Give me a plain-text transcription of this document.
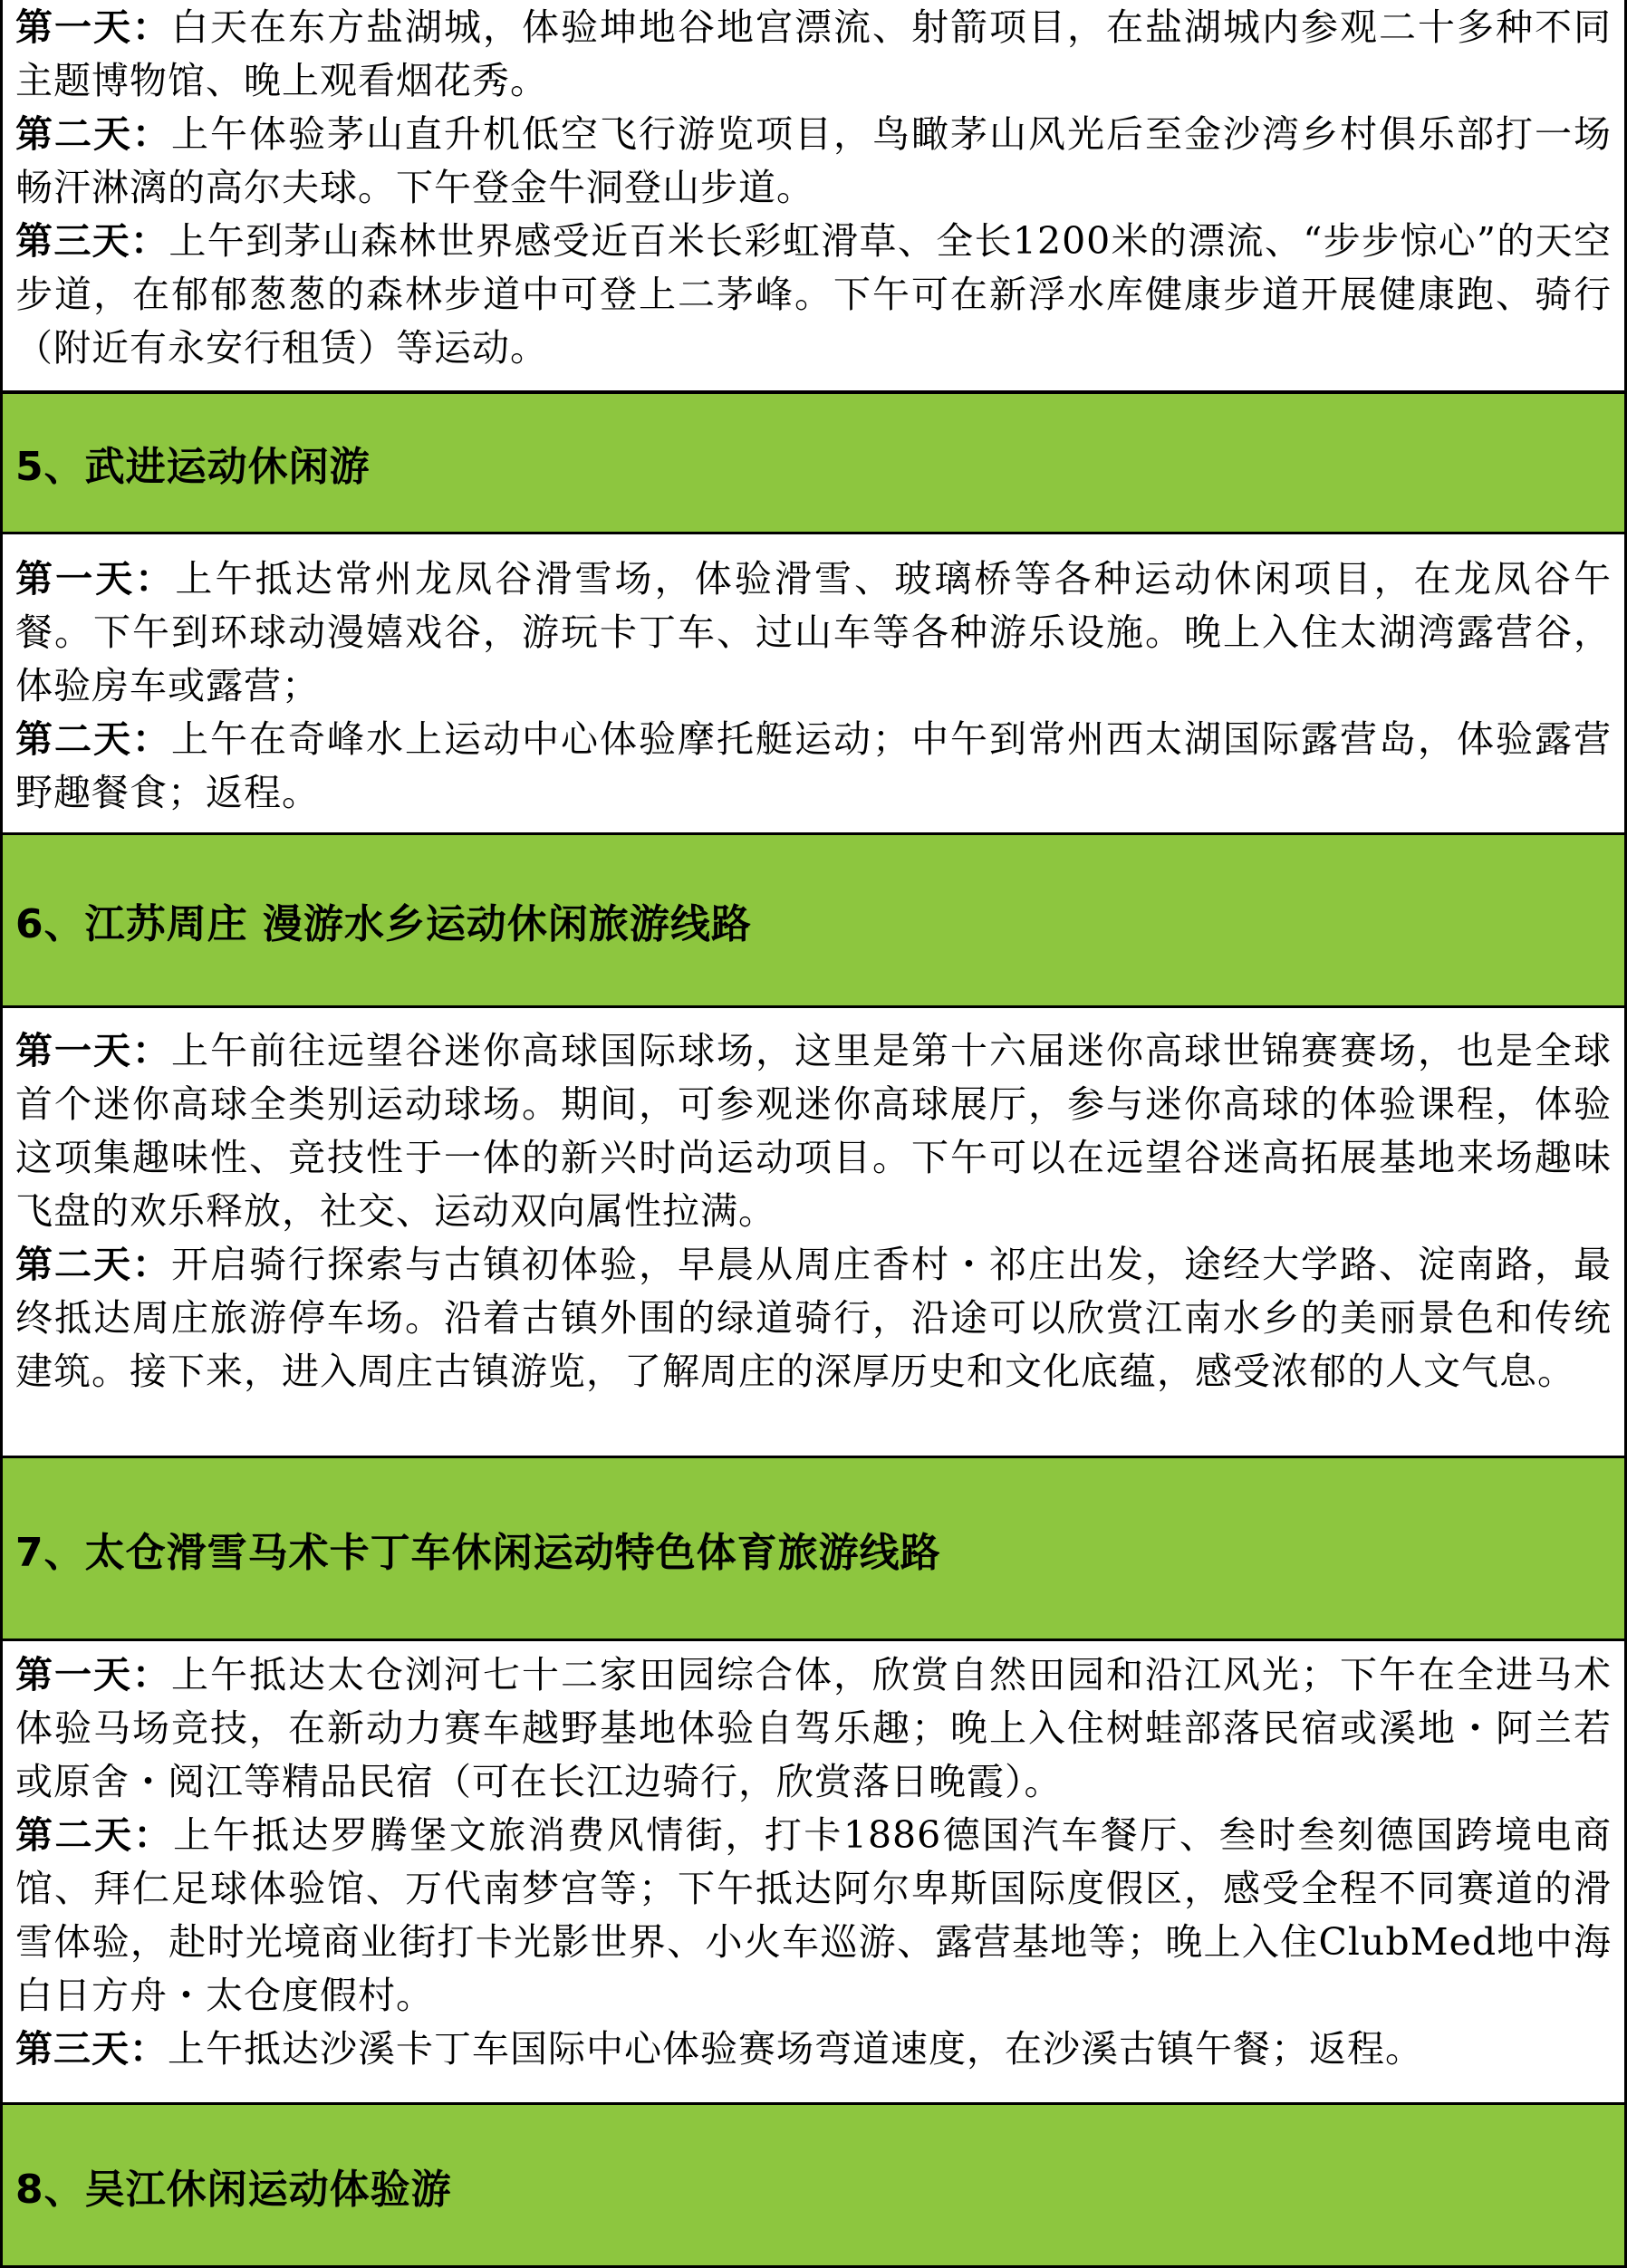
第一天：白天在东方盐湖城，体验坤地谷地宫漂流、射箭项目，在盐湖城内参观二十多种不同主题博物馆、晚上观看烟花秀。

第二天：上午体验茅山直升机低空飞行游览项目，鸟瞰茅山风光后至金沙湾乡村俱乐部打一场畅汗淋漓的高尔夫球。下午登金牛洞登山步道。

第三天：上午到茅山森林世界感受近百米长彩虹滑草、全长1200米的漂流、“步步惊心”的天空步道，在郁郁葱葱的森林步道中可登上二茅峰。下午可在新浮水库健康步道开展健康跑、骑行（附近有永安行租赁）等运动。

5、武进运动休闲游

第一天：上午抵达常州龙凤谷滑雪场，体验滑雪、玻璃桥等各种运动休闲项目，在龙凤谷午餐。下午到环球动漫嬉戏谷，游玩卡丁车、过山车等各种游乐设施。晚上入住太湖湾露营谷，体验房车或露营；

第二天：上午在奇峰水上运动中心体验摩托艇运动；中午到常州西太湖国际露营岛，体验露营野趣餐食；返程。

6、江苏周庄 漫游水乡运动休闲旅游线路

第一天：上午前往远望谷迷你高球国际球场，这里是第十六届迷你高球世锦赛赛场，也是全球首个迷你高球全类别运动球场。期间，可参观迷你高球展厅，参与迷你高球的体验课程，体验这项集趣味性、竞技性于一体的新兴时尚运动项目。下午可以在远望谷迷高拓展基地来场趣味飞盘的欢乐释放，社交、运动双向属性拉满。

第二天：开启骑行探索与古镇初体验，早晨从周庄香村・祁庄出发，途经大学路、淀南路，最终抵达周庄旅游停车场。沿着古镇外围的绿道骑行，沿途可以欣赏江南水乡的美丽景色和传统建筑。接下来，进入周庄古镇游览，了解周庄的深厚历史和文化底蕴，感受浓郁的人文气息。

7、太仓滑雪马术卡丁车休闲运动特色体育旅游线路

第一天：上午抵达太仓浏河七十二家田园综合体，欣赏自然田园和沿江风光；下午在全进马术体验马场竞技，在新动力赛车越野基地体验自驾乐趣；晚上入住树蛙部落民宿或溪地・阿兰若或原舍・阅江等精品民宿（可在长江边骑行，欣赏落日晚霞）。

第二天：上午抵达罗腾堡文旅消费风情街，打卡1886德国汽车餐厅、叁时叁刻德国跨境电商馆、拜仁足球体验馆、万代南梦宫等；下午抵达阿尔卑斯国际度假区，感受全程不同赛道的滑雪体验，赴时光境商业街打卡光影世界、小火车巡游、露营基地等；晚上入住ClubMed地中海白日方舟・太仓度假村。

第三天：上午抵达沙溪卡丁车国际中心体验赛场弯道速度，在沙溪古镇午餐；返程。

8、吴江休闲运动体验游
